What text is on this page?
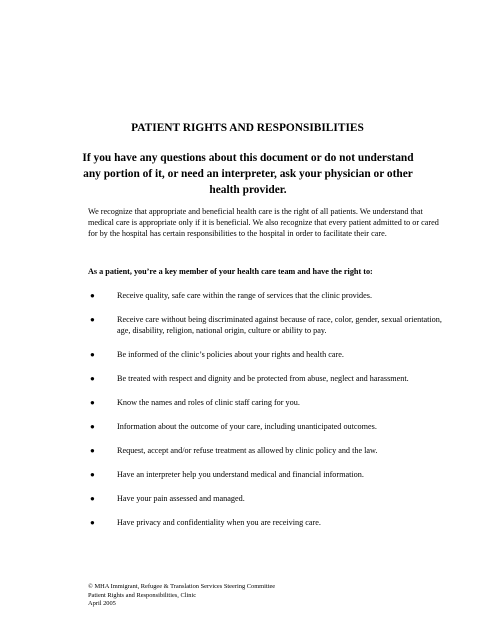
PATIENT RIGHTS AND RESPONSIBILITIES

If you have any questions about this document or do not understand any portion of it, or need an interpreter, ask your physician or other health provider.

We recognize that appropriate and beneficial health care is the right of all patients. We understand that medical care is appropriate only if it is beneficial. We also recognize that every patient admitted to or cared for by the hospital has certain responsibilities to the hospital in order to facilitate their care.

As a patient, you’re a key member of your health care team and have the right to:

●	Receive quality, safe care within the range of services that the clinic provides.
●	Receive care without being discriminated against because of race, color, gender, sexual orientation, age, disability, religion, national origin, culture or ability to pay.
●	Be informed of the clinic’s policies about your rights and health care.
●	Be treated with respect and dignity and be protected from abuse, neglect and harassment.
●	Know the names and roles of clinic staff caring for you.
●	Information about the outcome of your care, including unanticipated outcomes.
●	Request, accept and/or refuse treatment as allowed by clinic policy and the law.
●	Have an interpreter help you understand medical and financial information.
●	Have your pain assessed and managed.
●	Have privacy and confidentiality when you are receiving care.
© MHA Immigrant, Refugee & Translation Services Steering Committee
Patient Rights and Responsibilities, Clinic
April 2005
